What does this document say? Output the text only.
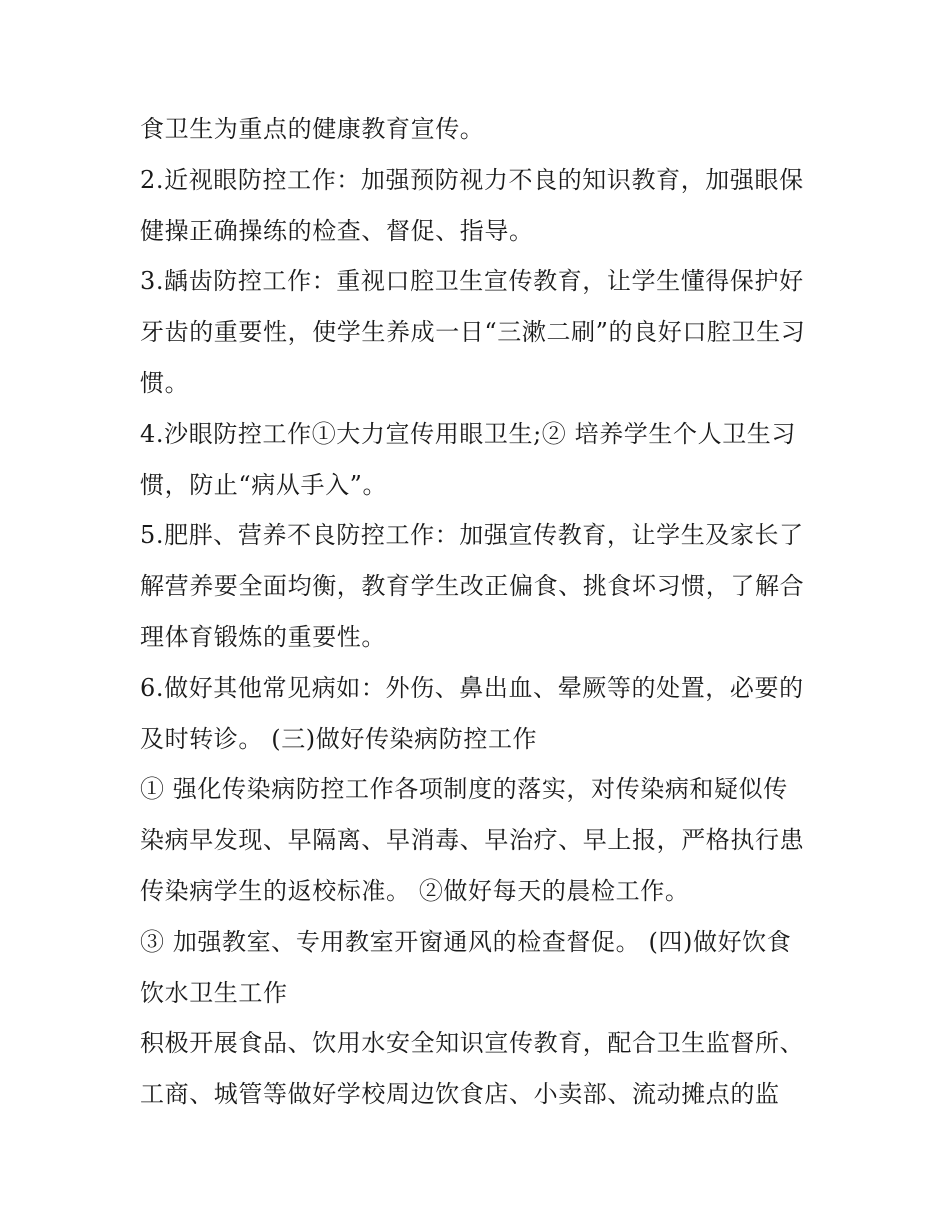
食卫生为重点的健康教育宣传。
2.近视眼防控工作：加强预防视力不良的知识教育，加强眼保
健操正确操练的检查、督促、指导。
3.龋齿防控工作：重视口腔卫生宣传教育，让学生懂得保护好
牙齿的重要性，使学生养成一日“三漱二刷”的良好口腔卫生习
惯。
4.沙眼防控工作①大力宣传用眼卫生;② 培养学生个人卫生习
惯，防止“病从手入”。
5.肥胖、营养不良防控工作：加强宣传教育，让学生及家长了
解营养要全面均衡，教育学生改正偏食、挑食坏习惯，了解合
理体育锻炼的重要性。
6.做好其他常见病如：外伤、鼻出血、晕厥等的处置，必要的
及时转诊。 (三)做好传染病防控工作
① 强化传染病防控工作各项制度的落实，对传染病和疑似传
染病早发现、早隔离、早消毒、早治疗、早上报，严格执行患
传染病学生的返校标准。 ②做好每天的晨检工作。
③ 加强教室、专用教室开窗通风的检查督促。 (四)做好饮食
饮水卫生工作
积极开展食品、饮用水安全知识宣传教育，配合卫生监督所、
工商、城管等做好学校周边饮食店、小卖部、流动摊点的监
